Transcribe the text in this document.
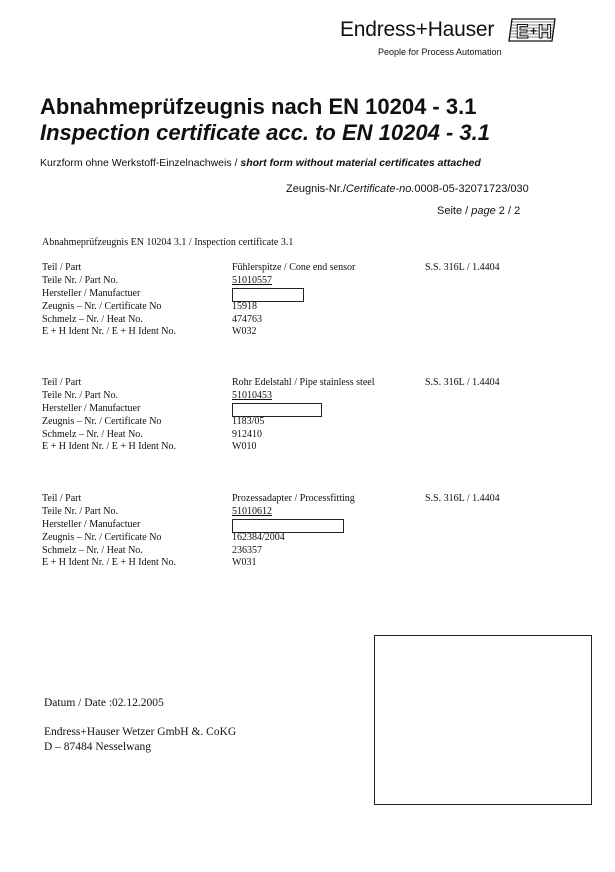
Endress+Hauser
People for Process Automation
E + H
Abnahmeprüfzeugnis nach EN 10204 - 3.1
Inspection certificate acc. to EN 10204 - 3.1
Kurzform ohne Werkstoff-Einzelnachweis / short form without material certificates attached
Zeugnis-Nr./Certificate-no.0008-05-32071723/030
Seite / page 2 / 2
Abnahmeprüfzeugnis EN 10204 3.1 / Inspection certificate 3.1
Teil / Part	Fühlerspitze / Cone end sensor	S.S. 316L / 1.4404
Teile Nr. / Part No.	51010557
Hersteller / Manufactuer
Zeugnis – Nr. / Certificate No	15918
Schmelz – Nr. / Heat No.	474763
E + H Ident Nr. / E + H Ident No.	W032
Teil / Part	Rohr Edelstahl / Pipe stainless steel	S.S. 316L / 1.4404
Teile Nr. / Part No.	51010453
Hersteller / Manufactuer
Zeugnis – Nr. / Certificate No	1183/05
Schmelz – Nr. / Heat No.	912410
E + H Ident Nr. / E + H Ident No.	W010
Teil / Part	Prozessadapter / Processfitting	S.S. 316L / 1.4404
Teile Nr. / Part No.	51010612
Hersteller / Manufactuer
Zeugnis – Nr. / Certificate No	162384/2004
Schmelz – Nr. / Heat No.	236357
E + H Ident Nr. / E + H Ident No.	W031
Datum / Date :02.12.2005
Endress+Hauser Wetzer GmbH &. CoKG
D – 87484 Nesselwang
